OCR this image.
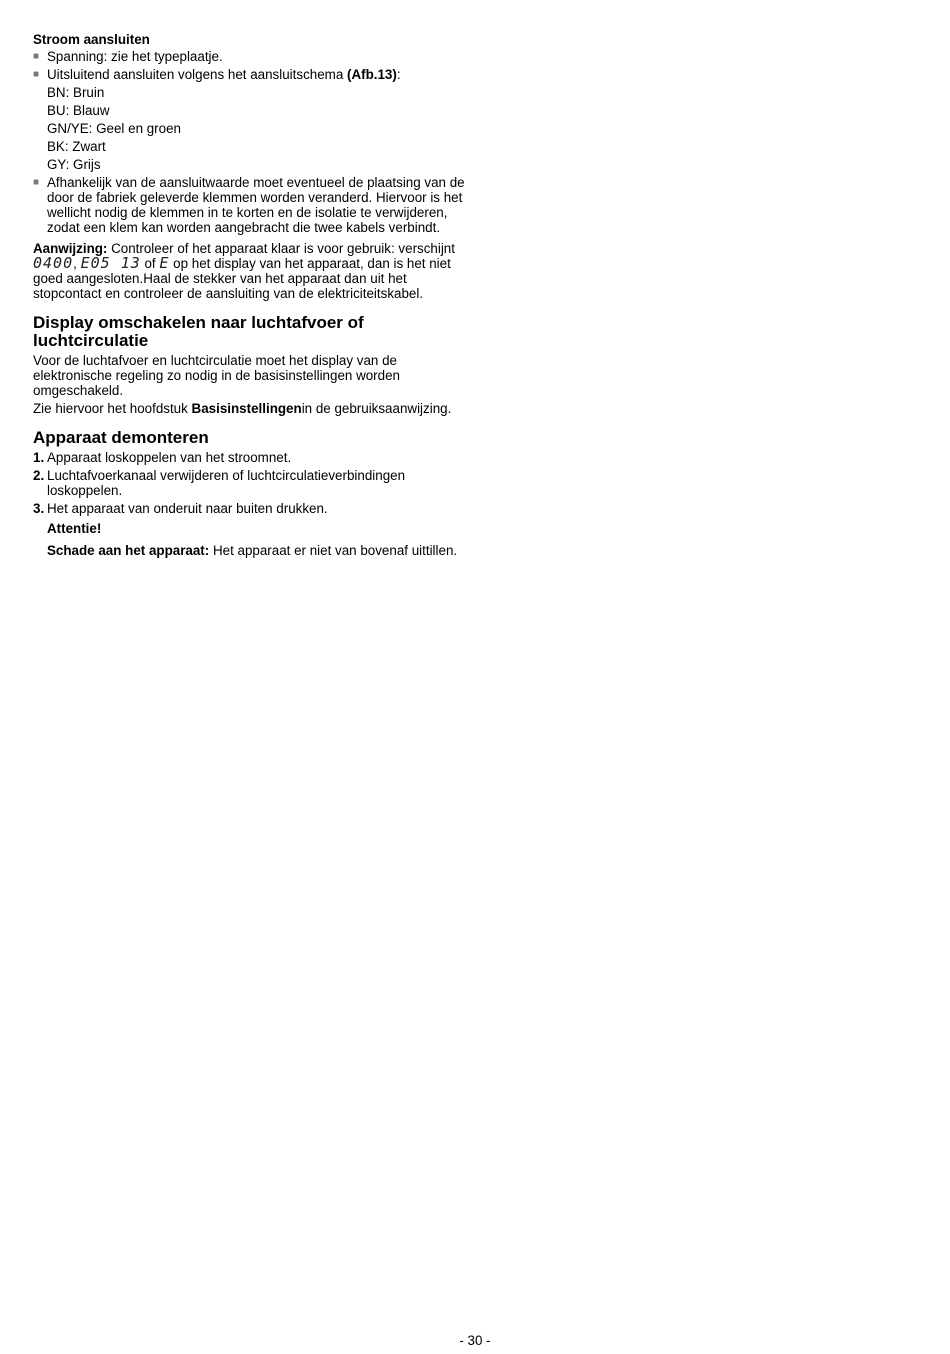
Stroom aansluiten
■ Spanning: zie het typeplaatje.
■ Uitsluitend aansluiten volgens het aansluitschema (Afb.13):
BN: Bruin
BU: Blauw
GN/YE: Geel en groen
BK: Zwart
GY: Grijs
■ Afhankelijk van de aansluitwaarde moet eventueel de plaatsing van de door de fabriek geleverde klemmen worden veranderd. Hiervoor is het wellicht nodig de klemmen in te korten en de isolatie te verwijderen, zodat een klem kan worden aangebracht die twee kabels verbindt.
Aanwijzing: Controleer of het apparaat klaar is voor gebruik: verschijnt 0400, E05 13 of E op het display van het apparaat, dan is het niet goed aangesloten.Haal de stekker van het apparaat dan uit het stopcontact en controleer de aansluiting van de elektriciteitskabel.
Display omschakelen naar luchtafvoer of luchtcirculatie
Voor de luchtafvoer en luchtcirculatie moet het display van de elektronische regeling zo nodig in de basisinstellingen worden omgeschakeld.
Zie hiervoor het hoofdstuk Basisinstellingenin de gebruiksaanwijzing.
Apparaat demonteren
1. Apparaat loskoppelen van het stroomnet.
2. Luchtafvoerkanaal verwijderen of luchtcirculatieverbindingen loskoppelen.
3. Het apparaat van onderuit naar buiten drukken.
Attentie!
Schade aan het apparaat: Het apparaat er niet van bovenaf uittillen.
- 30 -
